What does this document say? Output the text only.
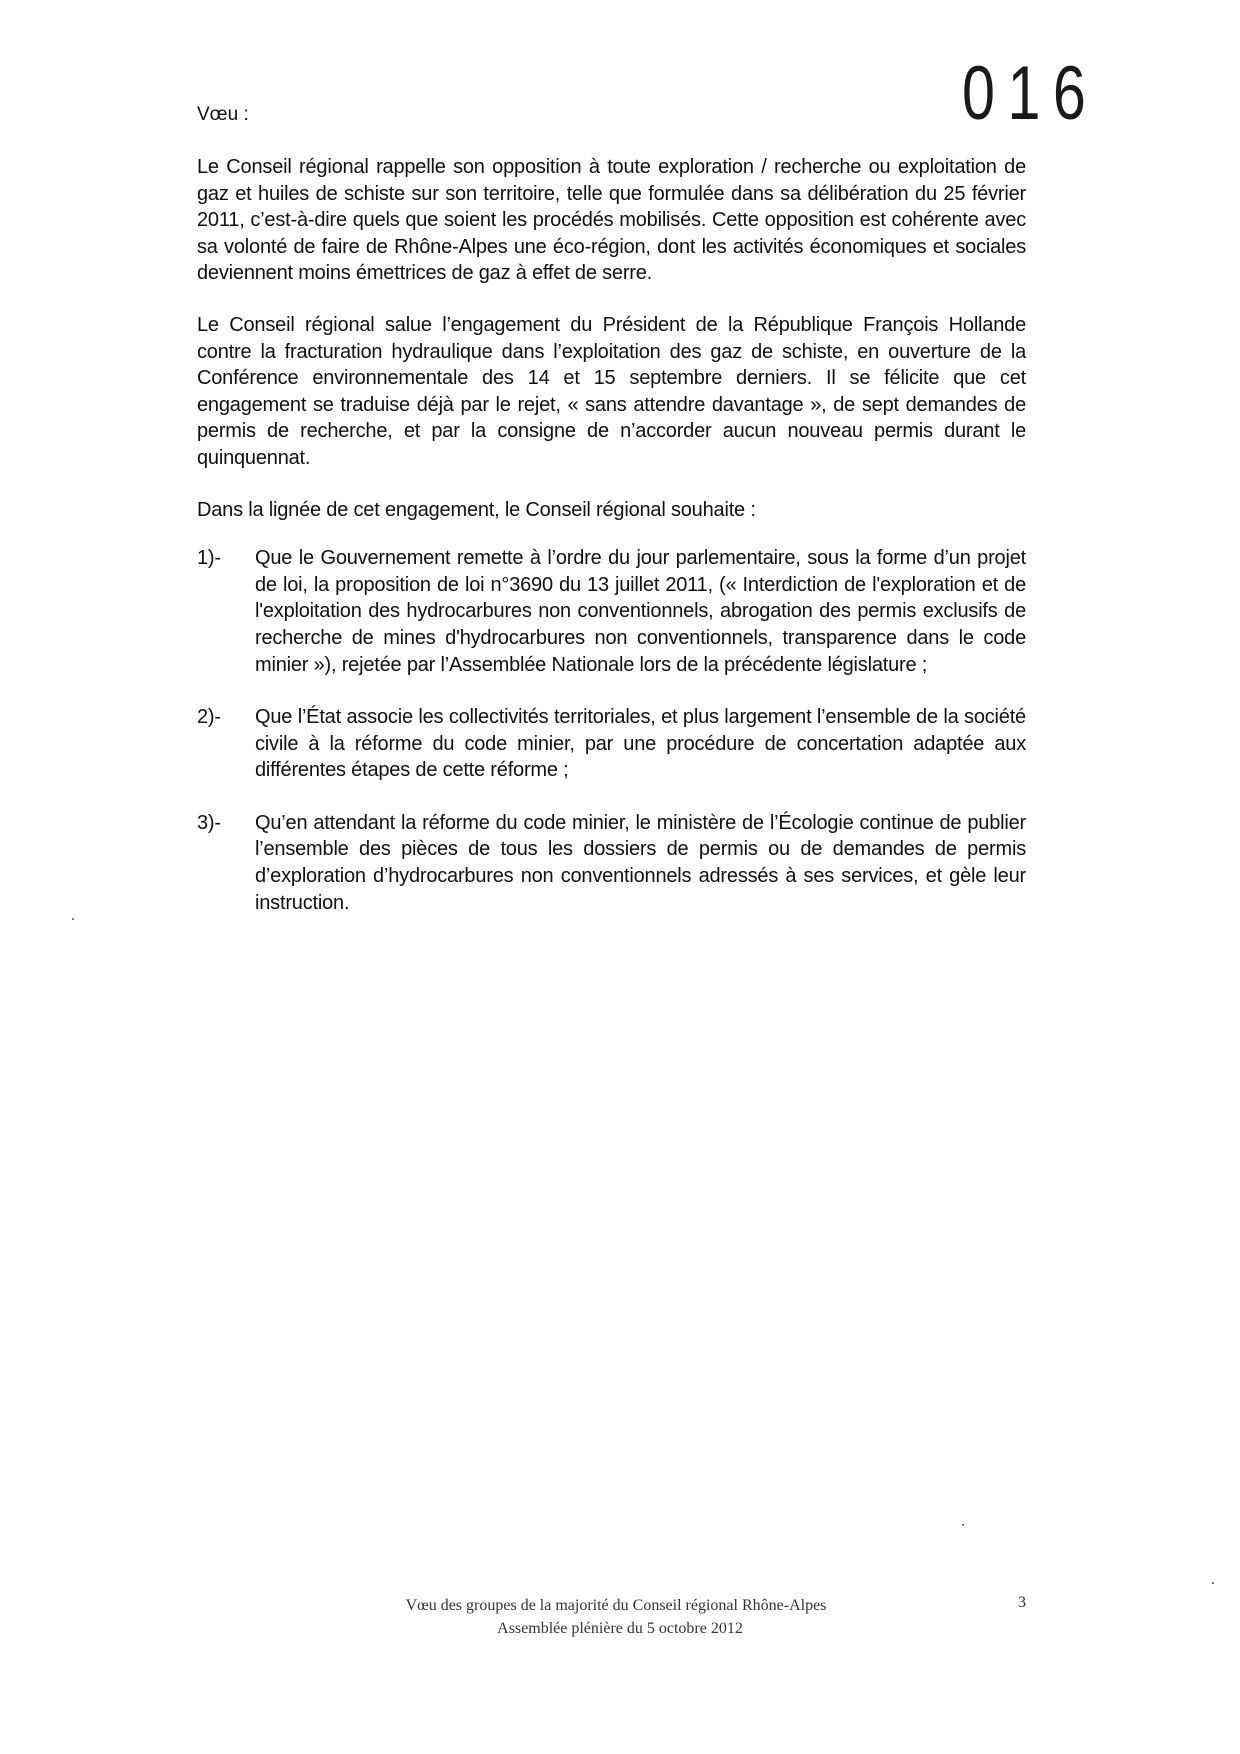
016
Vœu :

Le Conseil régional rappelle son opposition à toute exploration / recherche ou exploitation de gaz et huiles de schiste sur son territoire, telle que formulée dans sa délibération du 25 février 2011, c’est-à-dire quels que soient les procédés mobilisés. Cette opposition est cohérente avec sa volonté de faire de Rhône-Alpes une éco-région, dont les activités économiques et sociales deviennent moins émettrices de gaz à effet de serre.

Le Conseil régional salue l’engagement du Président de la République François Hollande contre la fracturation hydraulique dans l’exploitation des gaz de schiste, en ouverture de la Conférence environnementale des 14 et 15 septembre derniers. Il se félicite que cet engagement se traduise déjà par le rejet, « sans attendre davantage », de sept demandes de permis de recherche, et par la consigne de n’accorder aucun nouveau permis durant le quinquennat.

Dans la lignée de cet engagement, le Conseil régional souhaite :

1)-	Que le Gouvernement remette à l’ordre du jour parlementaire, sous la forme d’un projet de loi, la proposition de loi n°3690 du 13 juillet 2011, (« Interdiction de l'exploration et de l'exploitation des hydrocarbures non conventionnels, abrogation des permis exclusifs de recherche de mines d'hydrocarbures non conventionnels, transparence dans le code minier »), rejetée par l’Assemblée Nationale lors de la précédente législature ;
2)-	Que l’État associe les collectivités territoriales, et plus largement l’ensemble de la société civile à la réforme du code minier, par une procédure de concertation adaptée aux différentes étapes de cette réforme ;
3)-	Qu’en attendant la réforme du code minier, le ministère de l’Écologie continue de publier l’ensemble des pièces de tous les dossiers de permis ou de demandes de permis d’exploration d’hydrocarbures non conventionnels adressés à ses services, et gèle leur instruction.
Vœu des groupes de la majorité du Conseil régional Rhône-Alpes
Assemblée plénière du 5 octobre 2012
3
